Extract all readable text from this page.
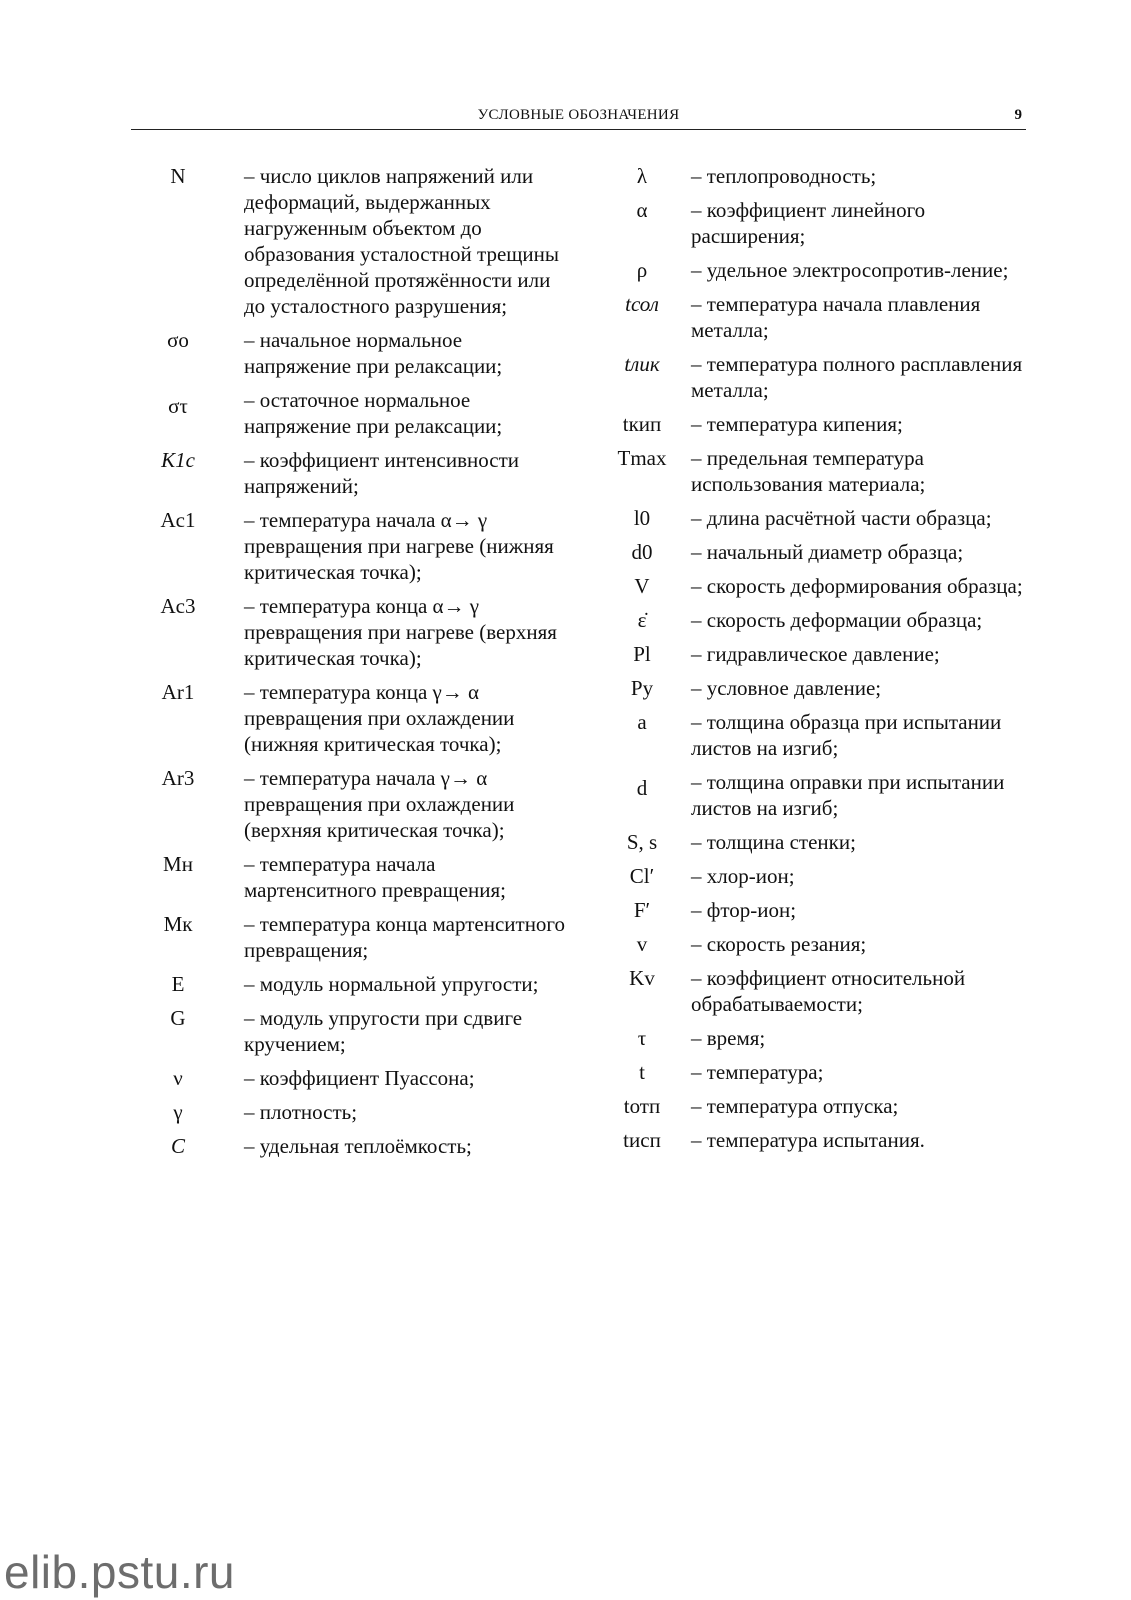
УСЛОВНЫЕ ОБОЗНАЧЕНИЯ	9
N	– число циклов напряжений или деформаций, выдержанных нагруженным объектом до образования усталостной трещины определённой протяжённости или до усталостного разрушения;
σо	– начальное нормальное напряжение при релаксации;
στ	– остаточное нормальное напряжение при релаксации;
K1c	– коэффициент интенсивности напряжений;
Ac1	– температура начала α→ γ превращения при нагреве (нижняя критическая точка);
Ac3	– температура конца α→ γ превращения при нагреве (верхняя критическая точка);
Ar1	– температура конца γ→ α превращения при охлаждении (нижняя критическая точка);
Ar3	– температура начала γ→ α превращения при охлаждении (верхняя критическая точка);
Мн	– температура начала мартенситного превращения;
Мк	– температура конца мартенситного превращения;
E	– модуль нормальной упругости;
G	– модуль упругости при сдвиге кручением;
ν	– коэффициент Пуассона;
γ	– плотность;
C	– удельная теплоёмкость;
λ	– теплопроводность;
α	– коэффициент линейного расширения;
ρ	– удельное электросопротив-ление;
tсол	– температура начала плавления металла;
tлик	– температура полного расплавления металла;
tкип	– температура кипения;
Tmax	– предельная температура использования материала;
l0	– длина расчётной части образца;
d0	– начальный диаметр образца;
V	– скорость деформирования образца;
ε̇	– скорость деформации образца;
Pl	– гидравлическое давление;
Py	– условное давление;
a	– толщина образца при испытании листов на изгиб;
d	– толщина оправки при испытании листов на изгиб;
S, s	– толщина стенки;
Cl′	– хлор-ион;
F′	– фтор-ион;
v	– скорость резания;
Kv	– коэффициент относительной обрабатываемости;
τ	– время;
t	– температура;
tотп	– температура отпуска;
tисп	– температура испытания.
elib.pstu.ru
